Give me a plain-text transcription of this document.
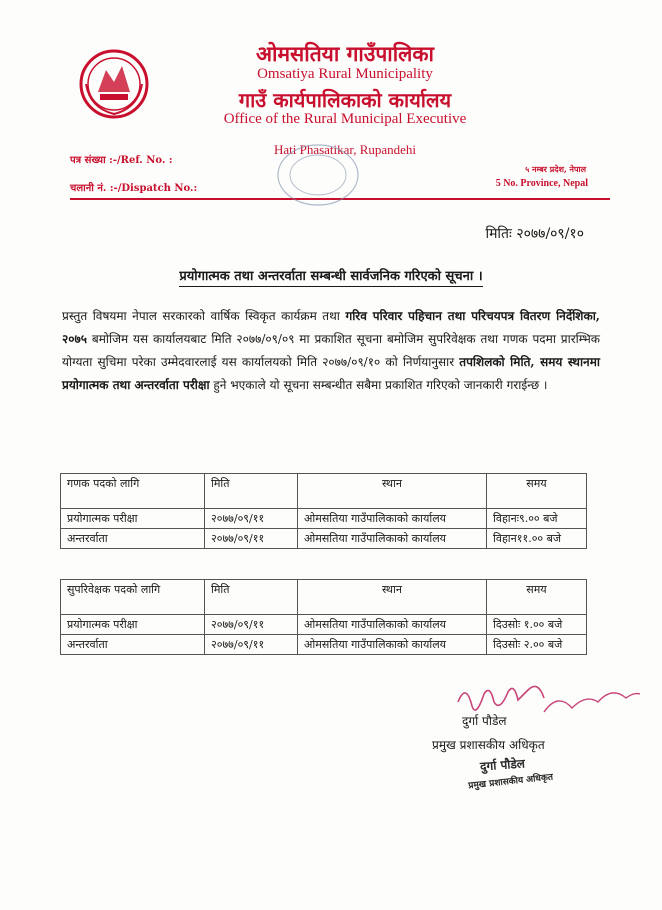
ओमसतिया गाउँपालिका
Omsatiya Rural Municipality
गाउँ कार्यपालिकाको कार्यालय
Office of the Rural Municipal Executive
Hati Phasatikar, Rupandehi
पत्र संख्या :-/Ref. No. :
चलानी नं. :-/Dispatch No.:
५ नम्बर प्रदेश, नेपाल
5 No. Province, Nepal
मितिः २०७७/०९/१०
प्रयोगात्मक तथा अन्तरर्वाता सम्बन्धी सार्वजनिक गरिएको सूचना ।
प्रस्तुत विषयमा नेपाल सरकारको वार्षिक स्विकृत कार्यक्रम तथा गरिव परिवार पहिचान तथा परिचयपत्र वितरण निर्देशिका, २०७५ बमोजिम यस कार्यालयबाट मिति २०७७/०९/०९ मा प्रकाशित सूचना बमोजिम सुपरिवेक्षक तथा गणक पदमा प्रारम्भिक योग्यता सुचिमा परेका उम्मेदवारलाई यस कार्यालयको मिति २०७७/०९/१० को निर्णयानुसार तपशिलको मिति, समय स्थानमा प्रयोगात्मक तथा अन्तरर्वाता परीक्षा हुने भएकाले यो सूचना सम्बन्धीत सबैमा प्रकाशित गरिएको जानकारी गराईन्छ ।
गणक पदको लागि	मिति	स्थान	समय
प्रयोगात्मक परीक्षा	२०७७/०९/११	ओमसतिया गाउँपालिकाको कार्यालय	विहानः९.०० बजे
अन्तरर्वाता	२०७७/०९/११	ओमसतिया गाउँपालिकाको कार्यालय	विहान११.०० बजे
सुपरिवेक्षक पदको लागि	मिति	स्थान	समय
प्रयोगात्मक परीक्षा	२०७७/०९/११	ओमसतिया गाउँपालिकाको कार्यालय	दिउसोः १.०० बजे
अन्तरर्वाता	२०७७/०९/११	ओमसतिया गाउँपालिकाको कार्यालय	दिउसोः २.०० बजे
दुर्गा पौडेल
प्रमुख प्रशासकीय अधिकृत
दुर्गा पौडेल
प्रमुख प्रशासकीय अधिकृत
